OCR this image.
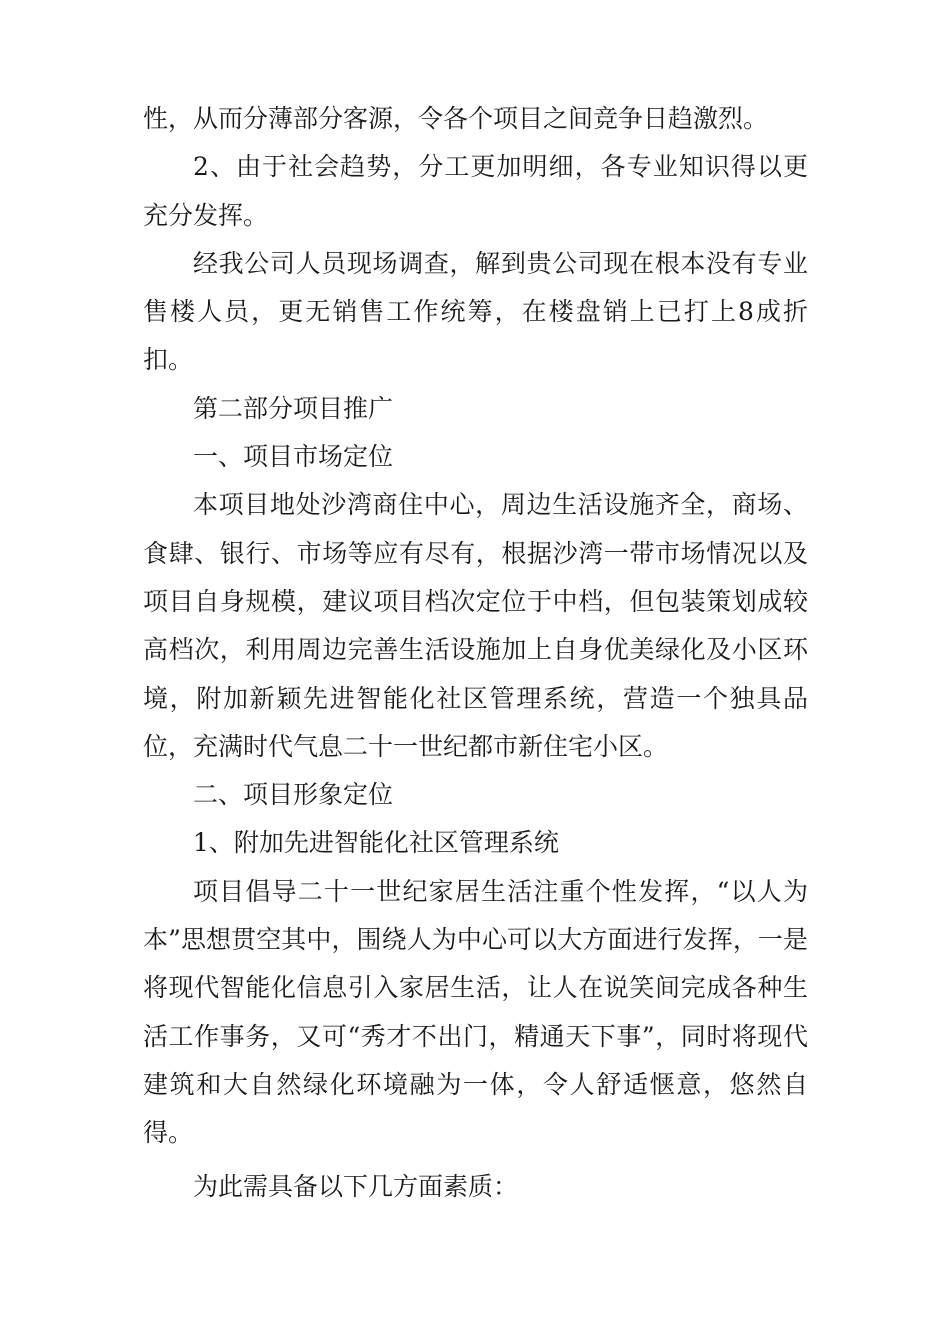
性，从而分薄部分客源，令各个项目之间竞争日趋激烈。

2、由于社会趋势，分工更加明细，各专业知识得以更充分发挥。

经我公司人员现场调查，解到贵公司现在根本没有专业售楼人员，更无销售工作统筹，在楼盘销上已打上8成折扣。

第二部分项目推广

一、项目市场定位

本项目地处沙湾商住中心，周边生活设施齐全，商场、食肆、银行、市场等应有尽有，根据沙湾一带市场情况以及项目自身规模，建议项目档次定位于中档，但包装策划成较高档次，利用周边完善生活设施加上自身优美绿化及小区环境，附加新颖先进智能化社区管理系统，营造一个独具品位，充满时代气息二十一世纪都市新住宅小区。

二、项目形象定位

1、附加先进智能化社区管理系统

项目倡导二十一世纪家居生活注重个性发挥，“以人为本”思想贯空其中，围绕人为中心可以大方面进行发挥，一是将现代智能化信息引入家居生活，让人在说笑间完成各种生活工作事务，又可“秀才不出门，精通天下事”，同时将现代建筑和大自然绿化环境融为一体，令人舒适惬意，悠然自得。

为此需具备以下几方面素质：
